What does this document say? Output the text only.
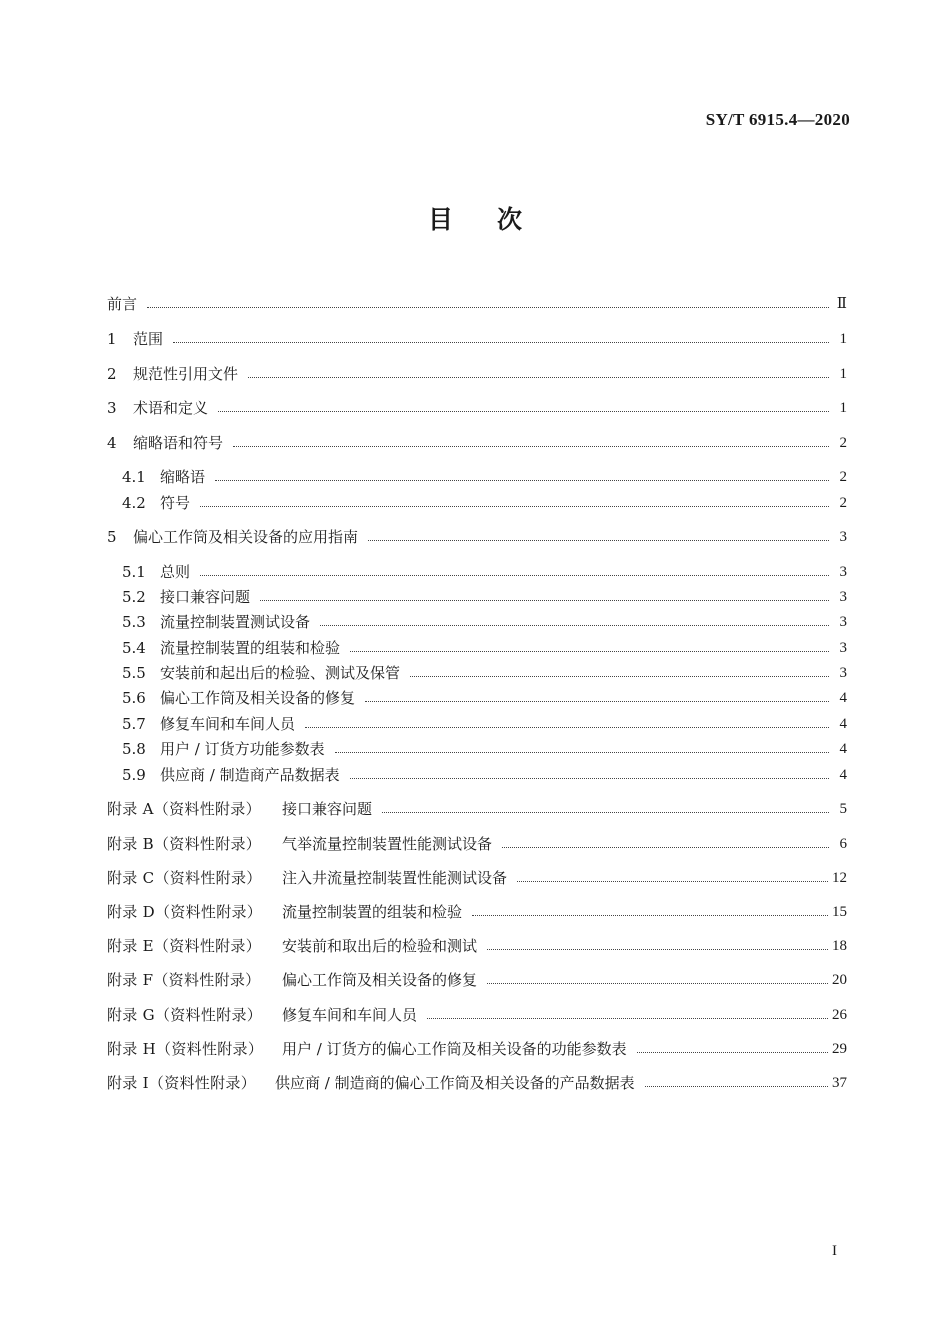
SY/T 6915.4—2020
目 次
前言	Ⅱ
1	范围	1
2	规范性引用文件	1
3	术语和定义	1
4	缩略语和符号	2
4.1 缩略语	2
4.2 符号	2
5	偏心工作筒及相关设备的应用指南	3
5.1 总则	3
5.2 接口兼容问题	3
5.3 流量控制装置测试设备	3
5.4 流量控制装置的组装和检验	3
5.5 安装前和起出后的检验、测试及保管	3
5.6 偏心工作筒及相关设备的修复	4
5.7 修复车间和车间人员	4
5.8 用户 / 订货方功能参数表	4
5.9 供应商 / 制造商产品数据表	4
附录 A（资料性附录）	接口兼容问题	5
附录 B（资料性附录）	气举流量控制装置性能测试设备	6
附录 C（资料性附录）	注入井流量控制装置性能测试设备	12
附录 D（资料性附录）	流量控制装置的组装和检验	15
附录 E（资料性附录）	安装前和取出后的检验和测试	18
附录 F（资料性附录）	偏心工作筒及相关设备的修复	20
附录 G（资料性附录）	修复车间和车间人员	26
附录 H（资料性附录）	用户 / 订货方的偏心工作筒及相关设备的功能参数表	29
附录 I（资料性附录）	供应商 / 制造商的偏心工作筒及相关设备的产品数据表	37
I
